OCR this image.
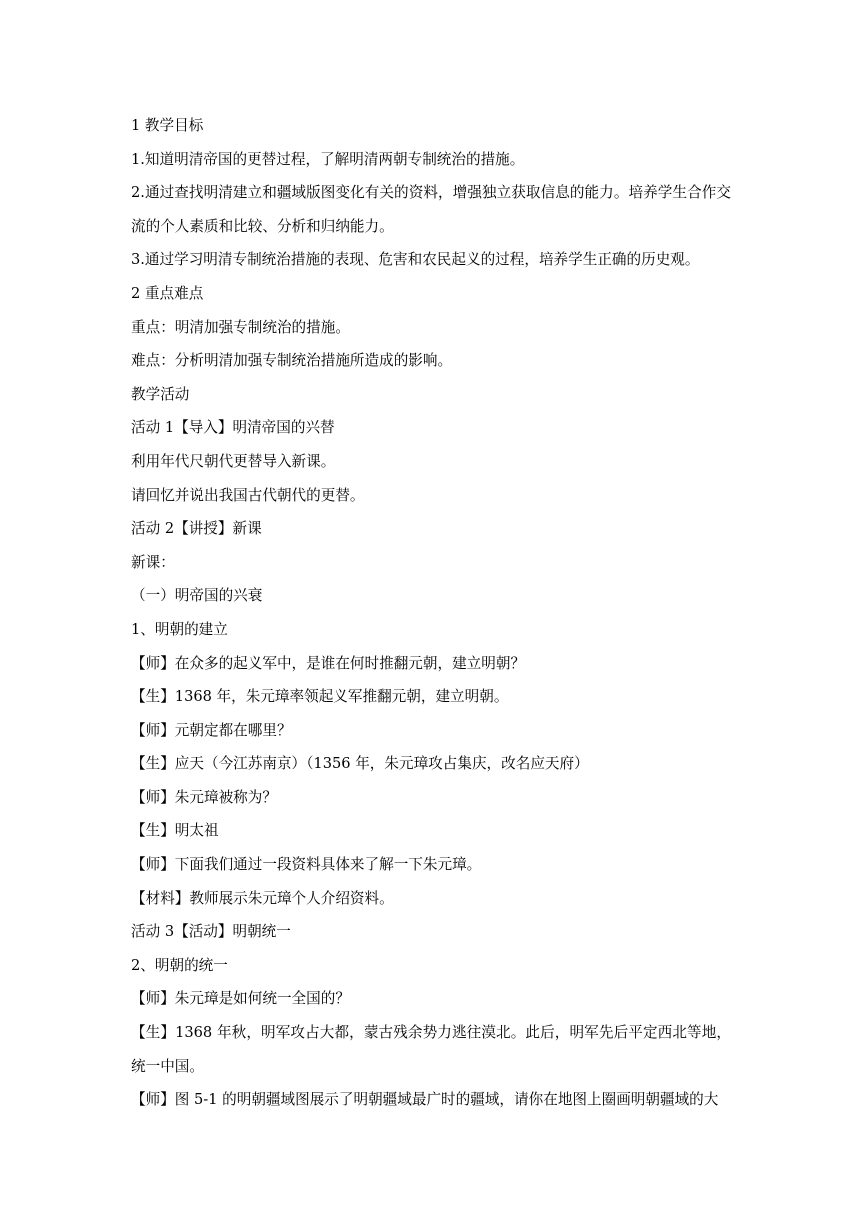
1 教学目标

1.知道明清帝国的更替过程，了解明清两朝专制统治的措施。

2.通过查找明清建立和疆域版图变化有关的资料，增强独立获取信息的能力。培养学生合作交流的个人素质和比较、分析和归纳能力。

3.通过学习明清专制统治措施的表现、危害和农民起义的过程，培养学生正确的历史观。

2 重点难点

重点：明清加强专制统治的措施。

难点：分析明清加强专制统治措施所造成的影响。

教学活动

活动 1【导入】明清帝国的兴替

利用年代尺朝代更替导入新课。

请回忆并说出我国古代朝代的更替。

活动 2【讲授】新课

新课：

（一）明帝国的兴衰

1、明朝的建立

【师】在众多的起义军中，是谁在何时推翻元朝，建立明朝？

【生】1368 年，朱元璋率领起义军推翻元朝，建立明朝。

【师】元朝定都在哪里？

【生】应天（今江苏南京）（1356 年，朱元璋攻占集庆，改名应天府）

【师】朱元璋被称为？

【生】明太祖

【师】下面我们通过一段资料具体来了解一下朱元璋。

【材料】教师展示朱元璋个人介绍资料。

活动 3【活动】明朝统一

2、明朝的统一

【师】朱元璋是如何统一全国的？

【生】1368 年秋，明军攻占大都，蒙古残余势力逃往漠北。此后，明军先后平定西北等地，统一中国。

【师】图 5-1 的明朝疆域图展示了明朝疆域最广时的疆域，请你在地图上圈画明朝疆域的大
